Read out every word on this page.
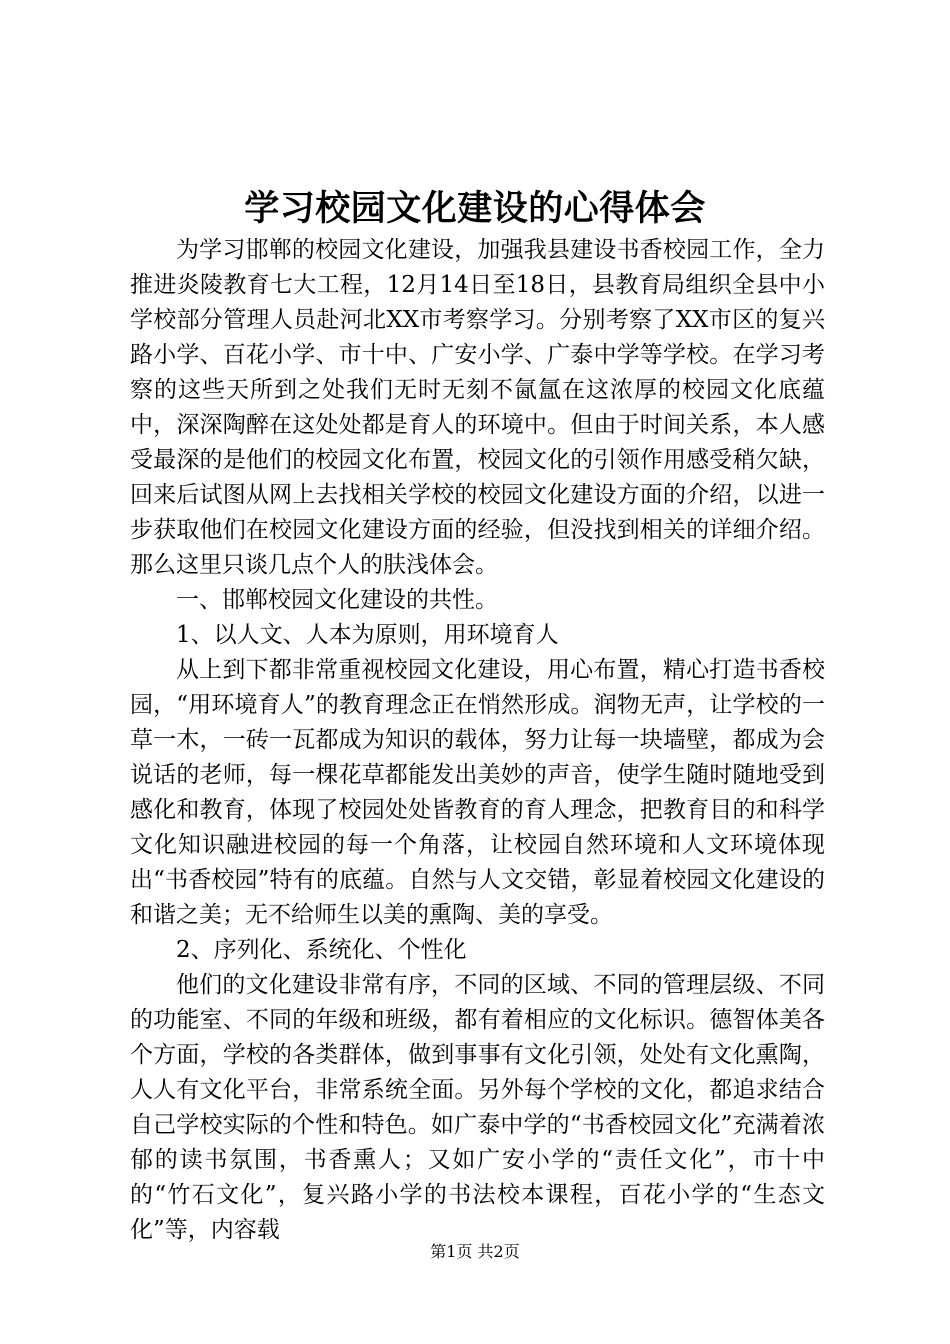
学习校园文化建设的心得体会

为学习邯郸的校园文化建设，加强我县建设书香校园工作，全力推进炎陵教育七大工程，12月14日至18日，县教育局组织全县中小学校部分管理人员赴河北XX市考察学习。分别考察了XX市区的复兴路小学、百花小学、市十中、广安小学、广泰中学等学校。在学习考察的这些天所到之处我们无时无刻不氤氲在这浓厚的校园文化底蕴中，深深陶醉在这处处都是育人的环境中。但由于时间关系，本人感受最深的是他们的校园文化布置，校园文化的引领作用感受稍欠缺，回来后试图从网上去找相关学校的校园文化建设方面的介绍，以进一步获取他们在校园文化建设方面的经验，但没找到相关的详细介绍。那么这里只谈几点个人的肤浅体会。

一、邯郸校园文化建设的共性。

1、以人文、人本为原则，用环境育人

从上到下都非常重视校园文化建设，用心布置，精心打造书香校园，“用环境育人”的教育理念正在悄然形成。润物无声，让学校的一草一木，一砖一瓦都成为知识的载体，努力让每一块墙壁，都成为会说话的老师，每一棵花草都能发出美妙的声音，使学生随时随地受到感化和教育，体现了校园处处皆教育的育人理念，把教育目的和科学文化知识融进校园的每一个角落，让校园自然环境和人文环境体现出“书香校园”特有的底蕴。自然与人文交错，彰显着校园文化建设的和谐之美；无不给师生以美的熏陶、美的享受。

2、序列化、系统化、个性化

他们的文化建设非常有序，不同的区域、不同的管理层级、不同的功能室、不同的年级和班级，都有着相应的文化标识。德智体美各个方面，学校的各类群体，做到事事有文化引领，处处有文化熏陶，人人有文化平台，非常系统全面。另外每个学校的文化，都追求结合自己学校实际的个性和特色。如广泰中学的“书香校园文化”充满着浓郁的读书氛围，书香熏人；又如广安小学的“责任文化”，市十中的“竹石文化”，复兴路小学的书法校本课程，百花小学的“生态文化”等，内容载

第1页 共2页
